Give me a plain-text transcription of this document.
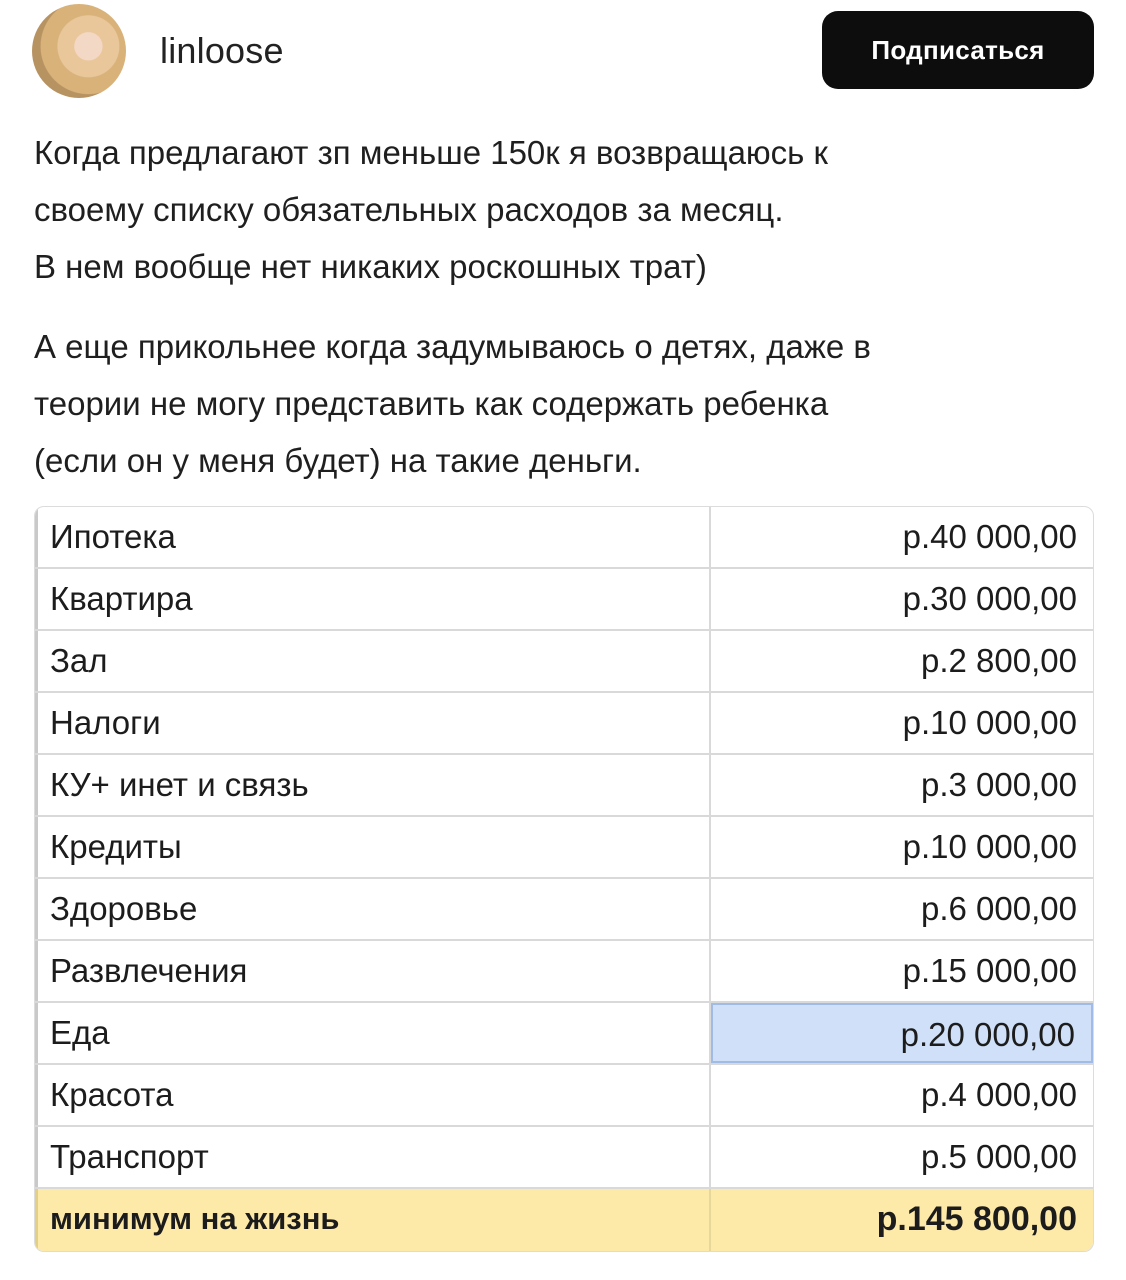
linloose	Подписаться
Когда предлагают зп меньше 150к я возвращаюсь к
своему списку обязательных расходов за месяц.
В нем вообще нет никаких роскошных трат)
А еще прикольнее когда задумываюсь о детях, даже в
теории не могу представить как содержать ребенка
(если он у меня будет) на такие деньги.
Ипотека	р.40 000,00
Квартира	р.30 000,00
Зал	р.2 800,00
Налоги	р.10 000,00
КУ+ инет и связь	р.3 000,00
Кредиты	р.10 000,00
Здоровье	р.6 000,00
Развлечения	р.15 000,00
Еда	р.20 000,00
Красота	р.4 000,00
Транспорт	р.5 000,00
минимум на жизнь	р.145 800,00
